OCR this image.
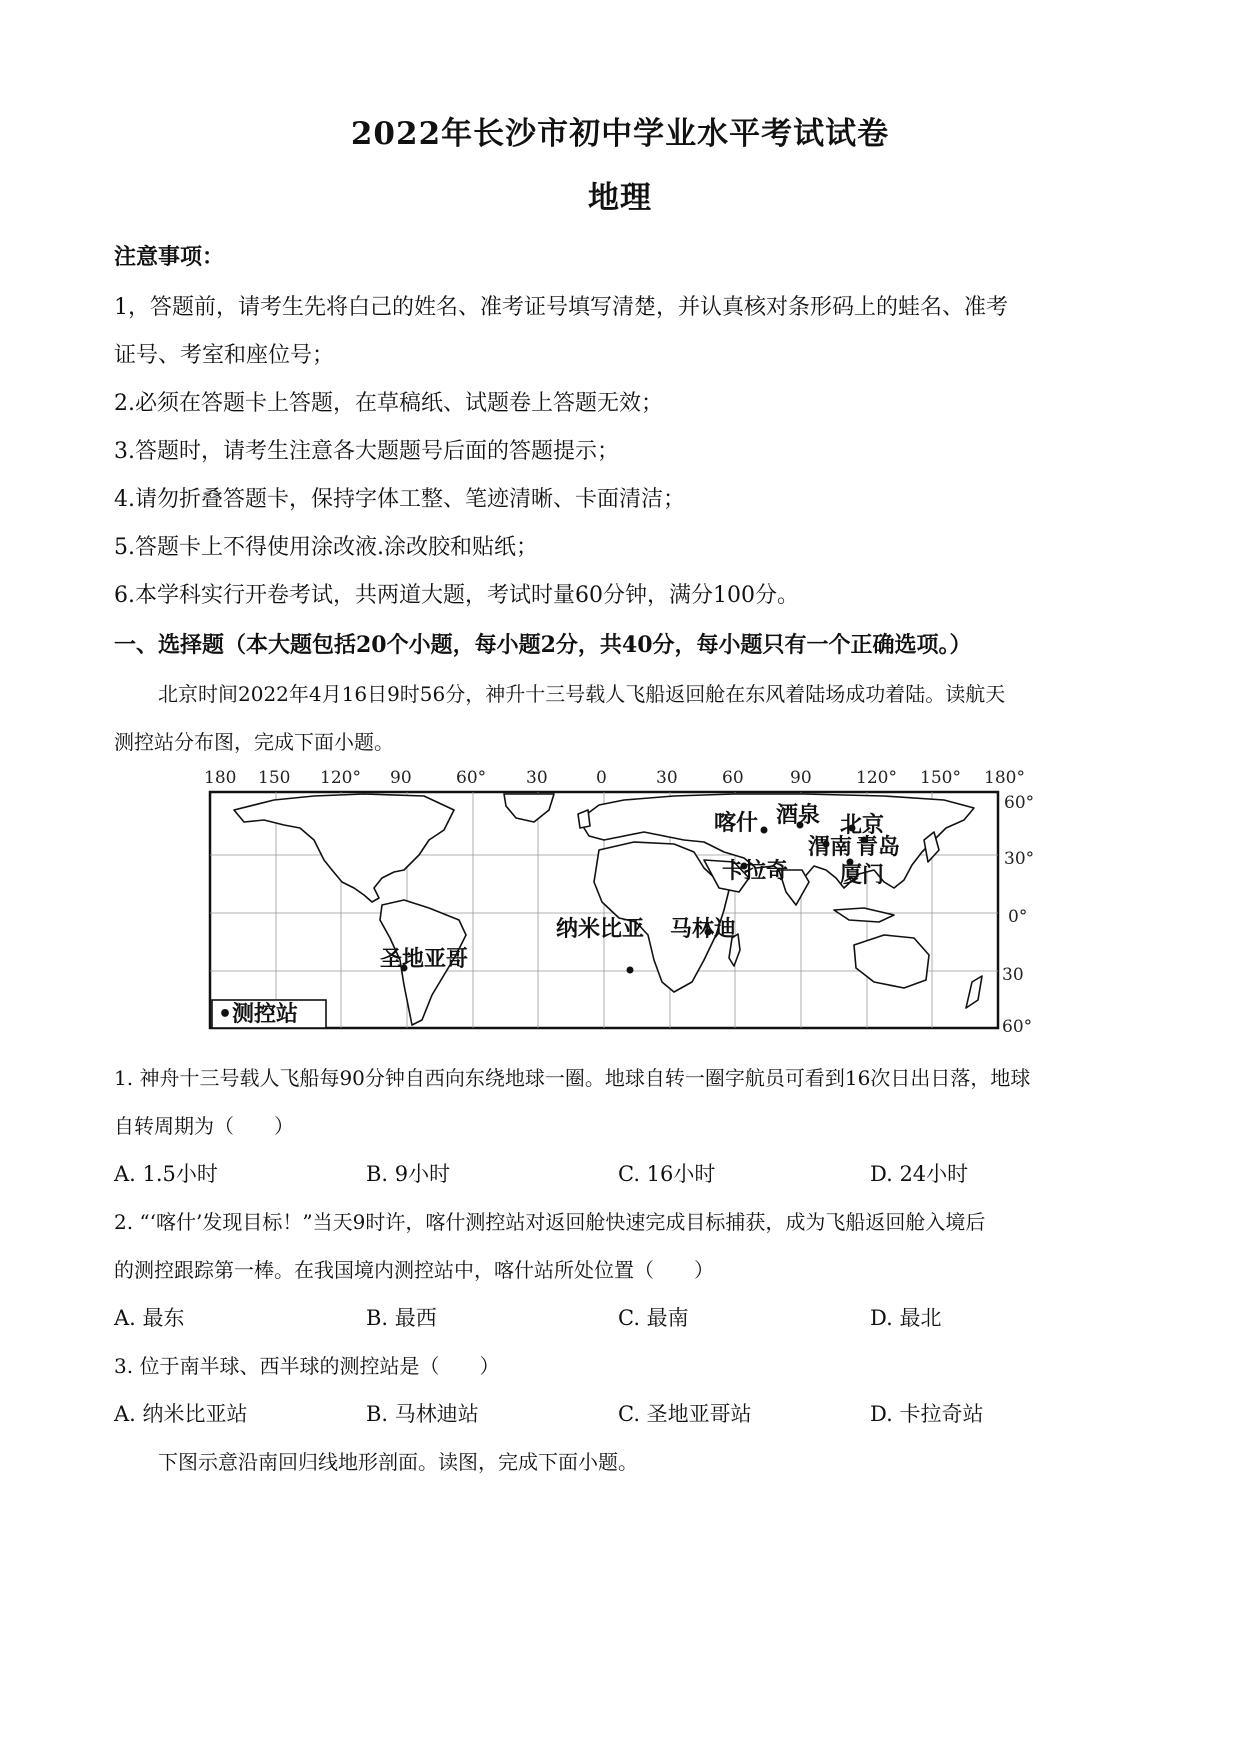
2022年长沙市初中学业水平考试试卷
地理
注意事项：
1，答题前，请考生先将白己的姓名、准考证号填写清楚，并认真核对条形码上的蛙名、准考
证号、考室和座位号；
2.必须在答题卡上答题，在草稿纸、试题卷上答题无效；
3.答题时，请考生注意各大题题号后面的答题提示；
4.请勿折叠答题卡，保持字体工整、笔迹清晰、卡面清洁；
5.答题卡上不得使用涂改液.涂改胶和贴纸；
6.本学科实行开卷考试，共两道大题，考试时量60分钟，满分100分。
一、选择题（本大题包括20个小题，每小题2分，共40分，每小题只有一个正确选项。）
北京时间2022年4月16日9时56分，神升十三号载人飞船返回舱在东风着陆场成功着陆。读航天
测控站分布图，完成下面小题。
180 150 120° 90	60° 30	0	30	60	90	120° 150° 180°
60°
30°
0°
30
60°
喀什 酒泉 北京
渭南 青岛
厦门
卡拉奇
纳米比亚 马林迪
圣地亚哥
•测控站
1. 神舟十三号载人飞船每90分钟自西向东绕地球一圈。地球自转一圈字航员可看到16次日出日落，地球
自转周期为（　　）
A. 1.5小时	B. 9小时	C. 16小时	D. 24小时
2. “‘喀什’发现目标！”当天9时许，喀什测控站对返回舱快速完成目标捕获，成为飞船返回舱入境后
的测控跟踪第一棒。在我国境内测控站中，喀什站所处位置（　　）
A. 最东	B. 最西	C. 最南	D. 最北
3. 位于南半球、西半球的测控站是（　　）
A. 纳米比亚站	B. 马林迪站	C. 圣地亚哥站	D. 卡拉奇站
下图示意沿南回归线地形剖面。读图，完成下面小题。
